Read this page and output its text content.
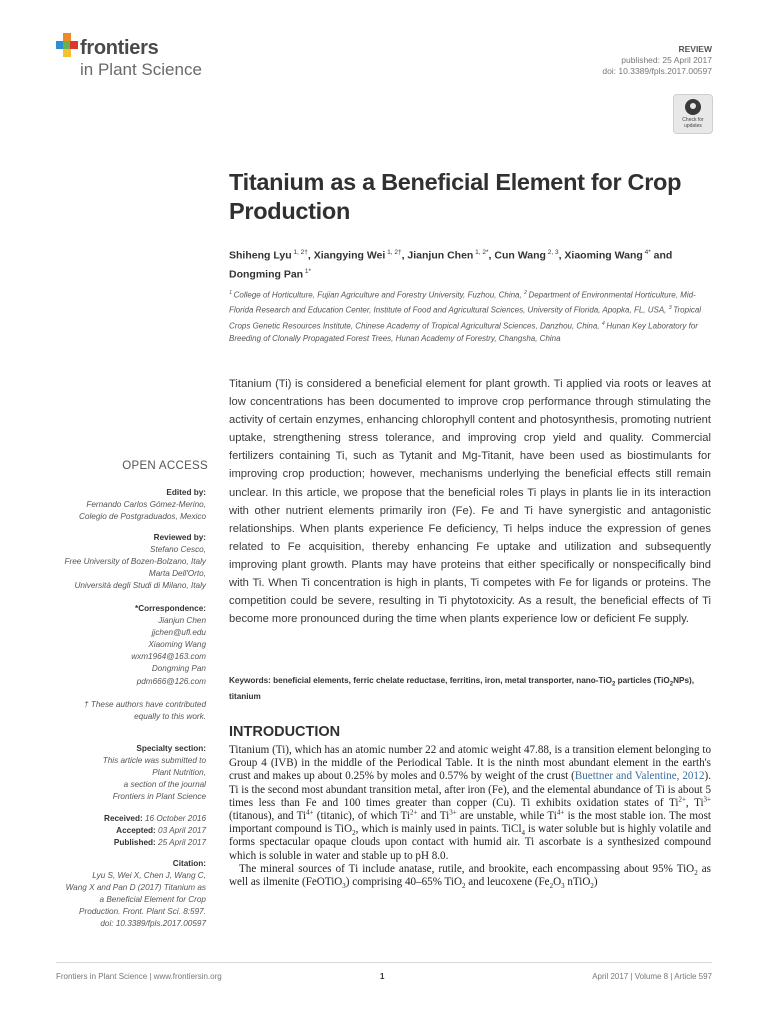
frontiers
in Plant Science
REVIEW
published: 25 April 2017
doi: 10.3389/fpls.2017.00597
Check for updates
Titanium as a Beneficial Element for Crop Production
Shiheng Lyu $^{1, 2\dagger}$, Xiangying Wei $^{1, 2\dagger}$, Jianjun Chen $^{1, 2*}$, Cun Wang $^{2, 3}$, Xiaoming Wang $^{4*}$ and Dongming Pan $^{1*}$
$^1$ College of Horticulture, Fujian Agriculture and Forestry University, Fuzhou, China, $^2$ Department of Environmental Horticulture, Mid-Florida Research and Education Center, Institute of Food and Agricultural Sciences, University of Florida, Apopka, FL, USA, $^3$ Tropical Crops Genetic Resources Institute, Chinese Academy of Tropical Agricultural Sciences, Danzhou, China, $^4$ Hunan Key Laboratory for Breeding of Clonally Propagated Forest Trees, Hunan Academy of Forestry, Changsha, China
OPEN ACCESS
Edited by:
Fernando Carlos Gómez-Merino,
Colegio de Postgraduados, Mexico
Reviewed by:
Stefano Cesco,
Free University of Bozen-Bolzano, Italy
Marta Dell'Orto,
Università degli Studi di Milano, Italy
*Correspondence:
Jianjun Chen
jjchen@ufl.edu
Xiaoming Wang
wxm1964@163.com
Dongming Pan
pdm666@126.com
† These authors have contributed
equally to this work.
Specialty section:
This article was submitted to
Plant Nutrition,
a section of the journal
Frontiers in Plant Science
Received: 16 October 2016
Accepted: 03 April 2017
Published: 25 April 2017
Citation:
Lyu S, Wei X, Chen J, Wang C,
Wang X and Pan D (2017) Titanium as
a Beneficial Element for Crop
Production. Front. Plant Sci. 8:597.
doi: 10.3389/fpls.2017.00597
Titanium (Ti) is considered a beneficial element for plant growth. Ti applied via roots or leaves at low concentrations has been documented to improve crop performance through stimulating the activity of certain enzymes, enhancing chlorophyll content and photosynthesis, promoting nutrient uptake, strengthening stress tolerance, and improving crop yield and quality. Commercial fertilizers containing Ti, such as Tytanit and Mg-Titanit, have been used as biostimulants for improving crop production; however, mechanisms underlying the beneficial effects still remain unclear. In this article, we propose that the beneficial roles Ti plays in plants lie in its interaction with other nutrient elements primarily iron (Fe). Fe and Ti have synergistic and antagonistic relationships. When plants experience Fe deficiency, Ti helps induce the expression of genes related to Fe acquisition, thereby enhancing Fe uptake and utilization and subsequently improving plant growth. Plants may have proteins that either specifically or nonspecifically bind with Ti. When Ti concentration is high in plants, Ti competes with Fe for ligands or proteins. The competition could be severe, resulting in Ti phytotoxicity. As a result, the beneficial effects of Ti become more pronounced during the time when plants experience low or deficient Fe supply.
Keywords: beneficial elements, ferric chelate reductase, ferritins, iron, metal transporter, nano-TiO$_2$ particles (TiO$_2$NPs), titanium
INTRODUCTION

Titanium (Ti), which has an atomic number 22 and atomic weight 47.88, is a transition element belonging to Group 4 (IVB) in the middle of the Periodical Table. It is the ninth most abundant element in the earth's crust and makes up about 0.25% by moles and 0.57% by weight of the crust (Buettner and Valentine, 2012). Ti is the second most abundant transition metal, after iron (Fe), and the elemental abundance of Ti is about 5 times less than Fe and 100 times greater than copper (Cu). Ti exhibits oxidation states of $Ti^{2+}$, $Ti^{3+}$ (titanous), and $Ti^{4+}$ (titanic), of which $Ti^{2+}$ and $Ti^{3+}$ are unstable, while $Ti^{4+}$ is the most stable ion. The most important compound is TiO$_2$, which is mainly used in paints. TiCl$_4$ is water soluble but is highly volatile and forms spectacular opaque clouds upon contact with humid air. Ti ascorbate is a synthesized compound which is soluble in water and stable up to pH 8.0.

The mineral sources of Ti include anatase, rutile, and brookite, each encompassing about 95% TiO$_2$ as well as ilmenite (FeOTiO$_3$) comprising 40–65% TiO$_2$ and leucoxene ($Fe_2O_3$ nTiO$_2$)

Frontiers in Plant Science | www.frontiersin.org	1	April 2017 | Volume 8 | Article 597
